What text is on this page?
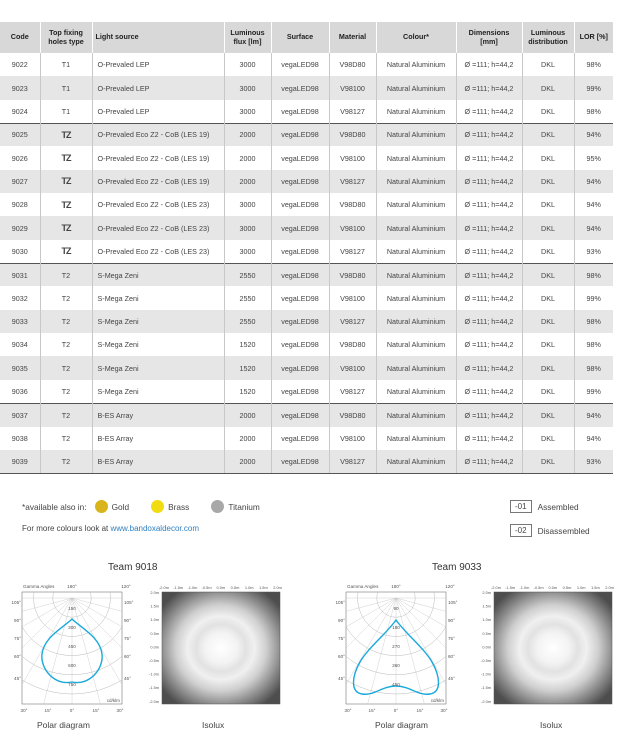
Code	Top fixing holes type	Light source	Luminous flux [lm]	Surface	Material	Colour*	Dimensions [mm]	Luminous distribution	LOR [%]
9022	T1	O-Prevaled LEP	3000	vegaLED98	V98D80	Natural Aluminium	Ø =111; h=44,2	DKL	98%
9023	T1	O-Prevaled LEP	3000	vegaLED98	V98100	Natural Aluminium	Ø =111; h=44,2	DKL	99%
9024	T1	O-Prevaled LEP	3000	vegaLED98	V98127	Natural Aluminium	Ø =111; h=44,2	DKL	98%
9025	TZ	O-Prevaled Eco Z2 - CoB (LES 19)	2000	vegaLED98	V98D80	Natural Aluminium	Ø =111; h=44,2	DKL	94%
9026	TZ	O-Prevaled Eco Z2 - CoB (LES 19)	2000	vegaLED98	V98100	Natural Aluminium	Ø =111; h=44,2	DKL	95%
9027	TZ	O-Prevaled Eco Z2 - CoB (LES 19)	2000	vegaLED98	V98127	Natural Aluminium	Ø =111; h=44,2	DKL	94%
9028	TZ	O-Prevaled Eco Z2 - CoB (LES 23)	3000	vegaLED98	V98D80	Natural Aluminium	Ø =111; h=44,2	DKL	94%
9029	TZ	O-Prevaled Eco Z2 - CoB (LES 23)	3000	vegaLED98	V98100	Natural Aluminium	Ø =111; h=44,2	DKL	94%
9030	TZ	O-Prevaled Eco Z2 - CoB (LES 23)	3000	vegaLED98	V98127	Natural Aluminium	Ø =111; h=44,2	DKL	93%
9031	T2	S-Mega Zeni	2550	vegaLED98	V98D80	Natural Aluminium	Ø =111; h=44,2	DKL	98%
9032	T2	S-Mega Zeni	2550	vegaLED98	V98100	Natural Aluminium	Ø =111; h=44,2	DKL	99%
9033	T2	S-Mega Zeni	2550	vegaLED98	V98127	Natural Aluminium	Ø =111; h=44,2	DKL	98%
9034	T2	S-Mega Zeni	1520	vegaLED98	V98D80	Natural Aluminium	Ø =111; h=44,2	DKL	98%
9035	T2	S-Mega Zeni	1520	vegaLED98	V98100	Natural Aluminium	Ø =111; h=44,2	DKL	98%
9036	T2	S-Mega Zeni	1520	vegaLED98	V98127	Natural Aluminium	Ø =111; h=44,2	DKL	99%
9037	T2	B-ES Array	2000	vegaLED98	V98D80	Natural Aluminium	Ø =111; h=44,2	DKL	94%
9038	T2	B-ES Array	2000	vegaLED98	V98100	Natural Aluminium	Ø =111; h=44,2	DKL	94%
9039	T2	B-ES Array	2000	vegaLED98	V98127	Natural Aluminium	Ø =111; h=44,2	DKL	93%
*available also in:	Gold	Brass	Titanium
For more colours look at www.bandoxaldecor.com
-01	Assembled
-02	Disassembled
Team 9018
Gamma Angles	180°	120°
105°	105°
90°	90°
75°	75°
60°	60°
45°	45°
30°	15°	0°	15°	30°
150
300
450
600
750
cd/klm
-2.0m -1.5m -1.0m -0.5m 0.0m 0.5m 1.0m 1.5m 2.0m
2.0m
1.5m
1.0m
0.5m
0.0m
-0.5m
-1.0m
-1.5m
-2.0m
Polar diagram	Isolux
Team 9033
Gamma Angles	180°	120°
105°	105°
90°	90°
75°	75°
60°	60°
45°	45°
30°	15°	0°	15°	30°
90
180
270
360
450
cd/klm
-2.0m -1.5m -1.0m -0.5m 0.0m 0.5m 1.0m 1.5m 2.0m
2.0m
1.5m
1.0m
0.5m
0.0m
-0.5m
-1.0m
-1.5m
-2.0m
Polar diagram	Isolux
